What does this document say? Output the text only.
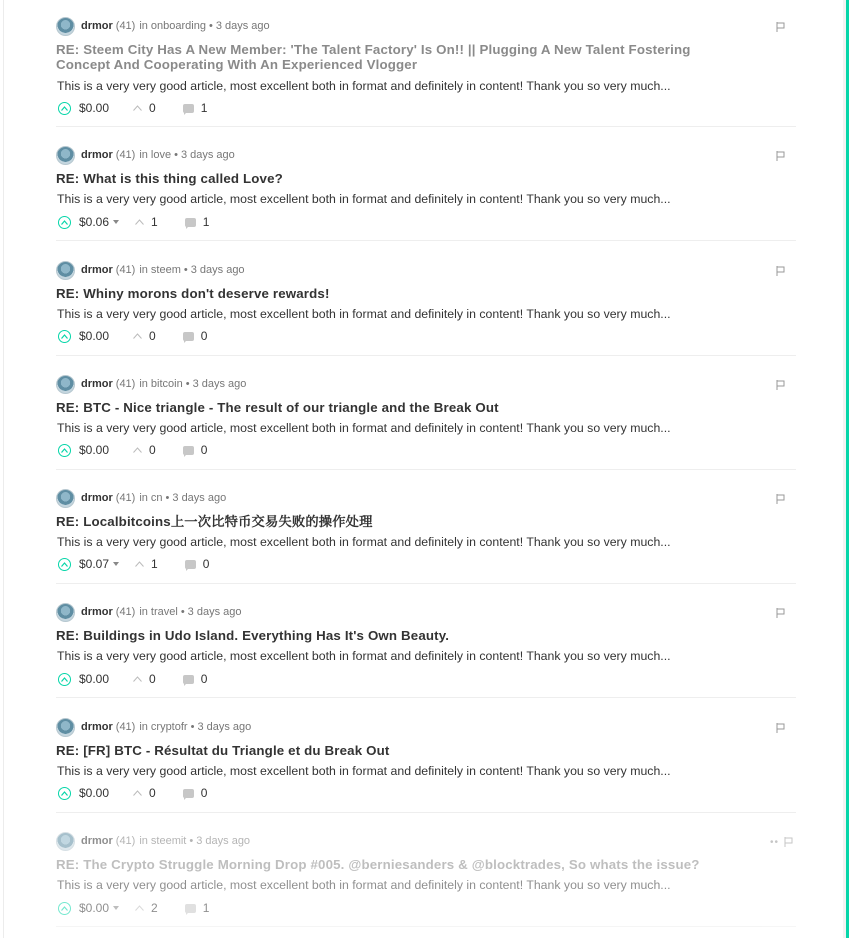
drmor (41) in onboarding • 3 days ago
RE: Steem City Has A New Member: 'The Talent Factory' Is On!! || Plugging A New Talent Fostering
Concept And Cooperating With An Experienced Vlogger
This is a very very good article, most excellent both in format and definitely in content! Thank you so very much...
$0.00	0	1
drmor (41) in love • 3 days ago
RE: What is this thing called Love?
This is a very very good article, most excellent both in format and definitely in content! Thank you so very much...
$0.06	1	1
drmor (41) in steem • 3 days ago
RE: Whiny morons don't deserve rewards!
This is a very very good article, most excellent both in format and definitely in content! Thank you so very much...
$0.00	0	0
drmor (41) in bitcoin • 3 days ago
RE: BTC - Nice triangle - The result of our triangle and the Break Out
This is a very very good article, most excellent both in format and definitely in content! Thank you so very much...
$0.00	0	0
drmor (41) in cn • 3 days ago
RE: Localbitcoins上一次比特币交易失败的操作处理
This is a very very good article, most excellent both in format and definitely in content! Thank you so very much...
$0.07	1	0
drmor (41) in travel • 3 days ago
RE: Buildings in Udo Island. Everything Has It's Own Beauty.
This is a very very good article, most excellent both in format and definitely in content! Thank you so very much...
$0.00	0	0
drmor (41) in cryptofr • 3 days ago
RE: [FR] BTC - Résultat du Triangle et du Break Out
This is a very very good article, most excellent both in format and definitely in content! Thank you so very much...
$0.00	0	0
drmor (41) in steemit • 3 days ago	••
RE: The Crypto Struggle Morning Drop #005. @berniesanders & @blocktrades, So whats the issue?
This is a very very good article, most excellent both in format and definitely in content! Thank you so very much...
$0.00	2	1
